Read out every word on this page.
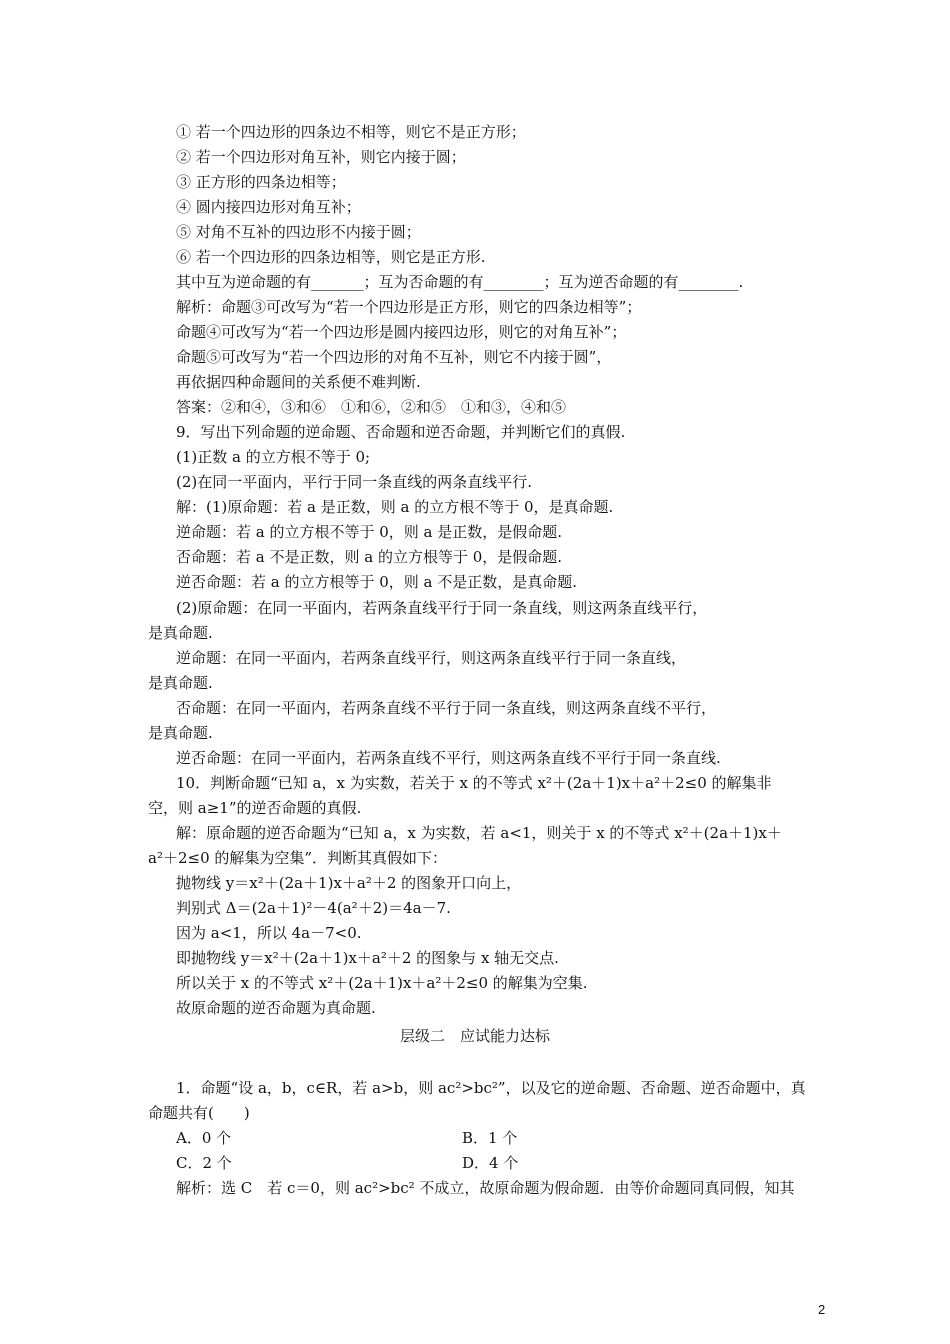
① 若一个四边形的四条边不相等，则它不是正方形；
② 若一个四边形对角互补，则它内接于圆；
③ 正方形的四条边相等；
④ 圆内接四边形对角互补；
⑤ 对角不互补的四边形不内接于圆；
⑥ 若一个四边形的四条边相等，则它是正方形.
其中互为逆命题的有_______；互为否命题的有________；互为逆否命题的有________.
解析：命题③可改写为“若一个四边形是正方形，则它的四条边相等”；
命题④可改写为“若一个四边形是圆内接四边形，则它的对角互补”；
命题⑤可改写为“若一个四边形的对角不互补，则它不内接于圆”，
再依据四种命题间的关系便不难判断.
答案：②和④，③和⑥　①和⑥，②和⑤　①和③，④和⑤
9．写出下列命题的逆命题、否命题和逆否命题，并判断它们的真假.
(1)正数 a 的立方根不等于 0;
(2)在同一平面内，平行于同一条直线的两条直线平行.
解：(1)原命题：若 a 是正数，则 a 的立方根不等于 0，是真命题.
逆命题：若 a 的立方根不等于 0，则 a 是正数，是假命题.
否命题：若 a 不是正数，则 a 的立方根等于 0，是假命题.
逆否命题：若 a 的立方根等于 0，则 a 不是正数，是真命题.
(2)原命题：在同一平面内，若两条直线平行于同一条直线，则这两条直线平行，
是真命题.
逆命题：在同一平面内，若两条直线平行，则这两条直线平行于同一条直线，
是真命题.
否命题：在同一平面内，若两条直线不平行于同一条直线，则这两条直线不平行，
是真命题.
逆否命题：在同一平面内，若两条直线不平行，则这两条直线不平行于同一条直线.
10．判断命题“已知 a，x 为实数，若关于 x 的不等式 x²＋(2a＋1)x＋a²＋2≤0 的解集非
空，则 a≥1”的逆否命题的真假.
解：原命题的逆否命题为“已知 a，x 为实数，若 a<1，则关于 x 的不等式 x²＋(2a＋1)x＋
a²＋2≤0 的解集为空集”．判断其真假如下：
抛物线 y＝x²＋(2a＋1)x＋a²＋2 的图象开口向上，
判别式 Δ＝(2a＋1)²－4(a²＋2)＝4a－7.
因为 a<1，所以 4a－7<0.
即抛物线 y＝x²＋(2a＋1)x＋a²＋2 的图象与 x 轴无交点.
所以关于 x 的不等式 x²＋(2a＋1)x＋a²＋2≤0 的解集为空集.
故原命题的逆否命题为真命题.
层级二　应试能力达标
1．命题“设 a，b，c∈R，若 a>b，则 ac²>bc²”，以及它的逆命题、否命题、逆否命题中，真
命题共有(　　)
A．0 个	B．1 个
C．2 个	D．4 个
解析：选 C　若 c＝0，则 ac²>bc² 不成立，故原命题为假命题．由等价命题同真同假，知其
2
